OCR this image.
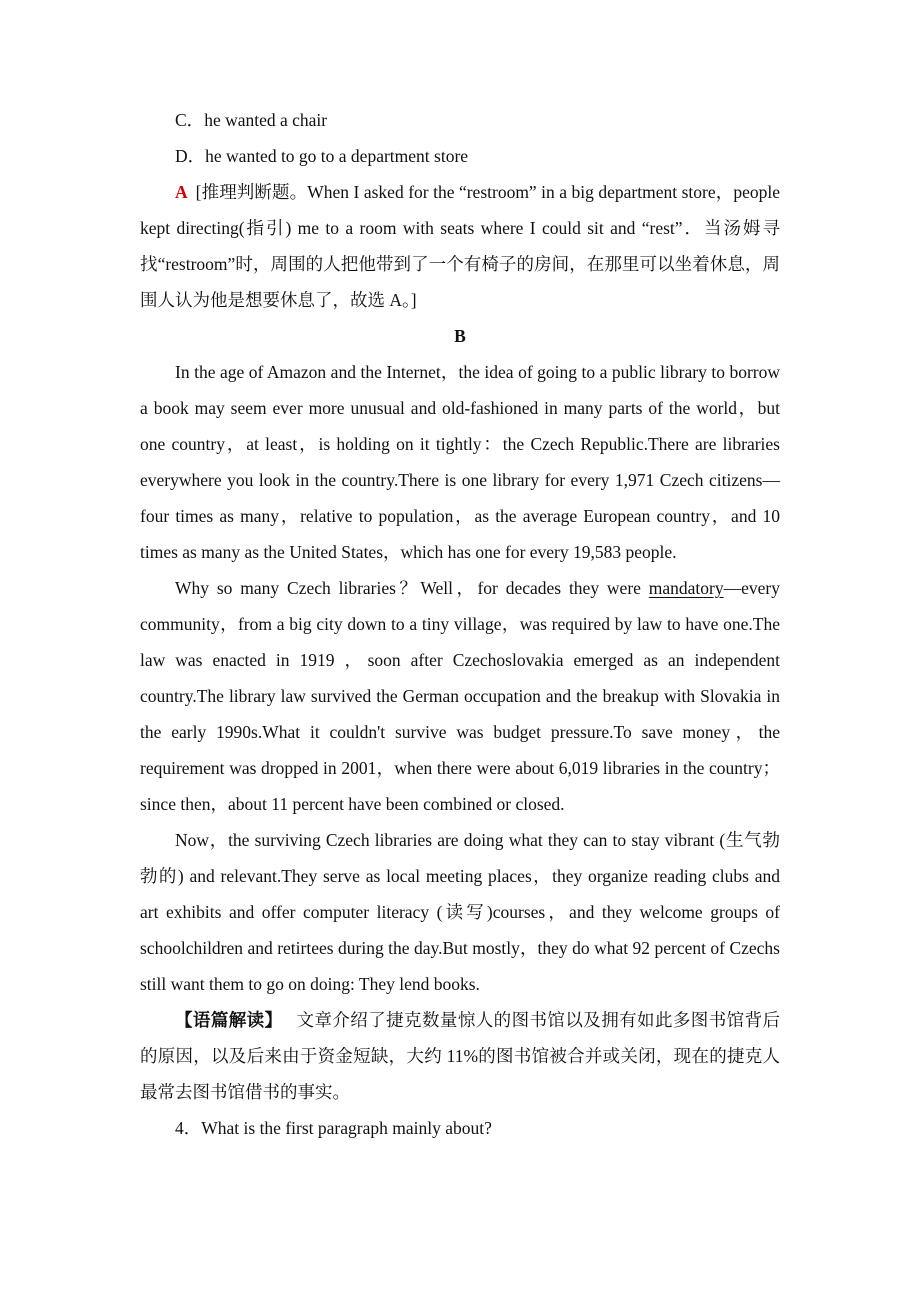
C．he wanted a chair

D．he wanted to go to a department store

A [推理判断题。When I asked for the “restroom” in a big department store，people kept directing(指引) me to a room with seats where I could sit and “rest”．当汤姆寻找“restroom”时，周围的人把他带到了一个有椅子的房间，在那里可以坐着休息，周围人认为他是想要休息了，故选 A。]

B

In the age of Amazon and the Internet，the idea of going to a public library to borrow a book may seem ever more unusual and old-fashioned in many parts of the world，but one country，at least，is holding on it tightly：the Czech Republic.There are libraries everywhere you look in the country.There is one library for every 1,971 Czech citizens—four times as many，relative to population，as the average European country，and 10 times as many as the United States，which has one for every 19,583 people.

Why so many Czech libraries？Well，for decades they were mandatory—every community，from a big city down to a tiny village，was required by law to have one.The law was enacted in 1919 ，soon after Czechoslovakia emerged as an independent country.The library law survived the German occupation and the breakup with Slovakia in the early 1990s.What it couldn't survive was budget pressure.To save money，the requirement was dropped in 2001，when there were about 6,019 libraries in the country；since then，about 11 percent have been combined or closed.

Now，the surviving Czech libraries are doing what they can to stay vibrant (生气勃勃的) and relevant.They serve as local meeting places，they organize reading clubs and art exhibits and offer computer literacy (读写)courses，and they welcome groups of schoolchildren and retirtees during the day.But mostly，they do what 92 percent of Czechs still want them to go on doing: They lend books.

【语篇解读】 文章介绍了捷克数量惊人的图书馆以及拥有如此多图书馆背后的原因，以及后来由于资金短缺，大约 11%的图书馆被合并或关闭，现在的捷克人最常去图书馆借书的事实。

4．What is the first paragraph mainly about?
